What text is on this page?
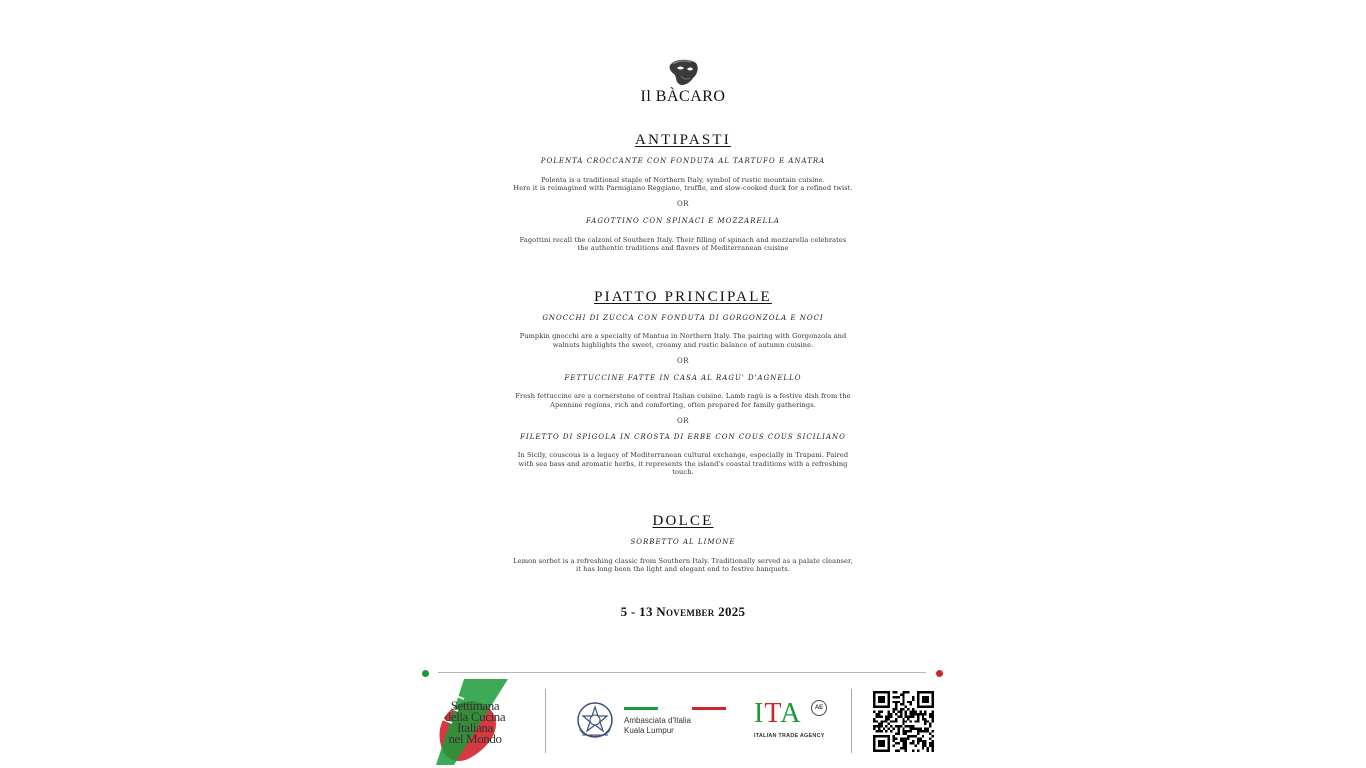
Il BÀCARO
ANTIPASTI
POLENTA CROCCANTE CON FONDUTA AL TARTUFO E ANATRA
Polenta is a traditional staple of Northern Italy, symbol of rustic mountain cuisine.
Here it is reimagined with Parmigiano Reggiano, truffle, and slow-cooked duck for a refined twist.
OR
FAGOTTINO CON SPINACI E MOZZARELLA
Fagottini recall the calzoni of Southern Italy. Their filling of spinach and mozzarella celebrates
the authentic traditions and flavors of Mediterranean cuisine
PIATTO PRINCIPALE
GNOCCHI DI ZUCCA CON FONDUTA DI GORGONZOLA E NOCI
Pumpkin gnocchi are a specialty of Mantua in Northern Italy. The pairing with Gorgonzola and
walnuts highlights the sweet, creamy and rustic balance of autumn cuisine.
OR
FETTUCCINE FATTE IN CASA AL RAGU' D'AGNELLO
Fresh fettuccine are a cornerstone of central Italian cuisine. Lamb ragù is a festive dish from the
Apennine regions, rich and comforting, often prepared for family gatherings.
OR
FILETTO DI SPIGOLA IN CROSTA DI ERBE CON COUS COUS SICILIANO
In Sicily, couscous is a legacy of Mediterranean cultural exchange, especially in Trapani. Paired
with sea bass and aromatic herbs, it represents the island's coastal traditions with a refreshing
touch.
DOLCE
SORBETTO AL LIMONE
Lemon sorbet is a refreshing classic from Southern Italy. Traditionally served as a palate cleanser,
it has long been the light and elegant end to festive banquets.
5 - 13 November 2025
Settimana
della Cucina
Italiana
nel Mondo
Ambasciata d'Italia
Kuala Lumpur
ITA	AE
ITALIAN TRADE AGENCY
